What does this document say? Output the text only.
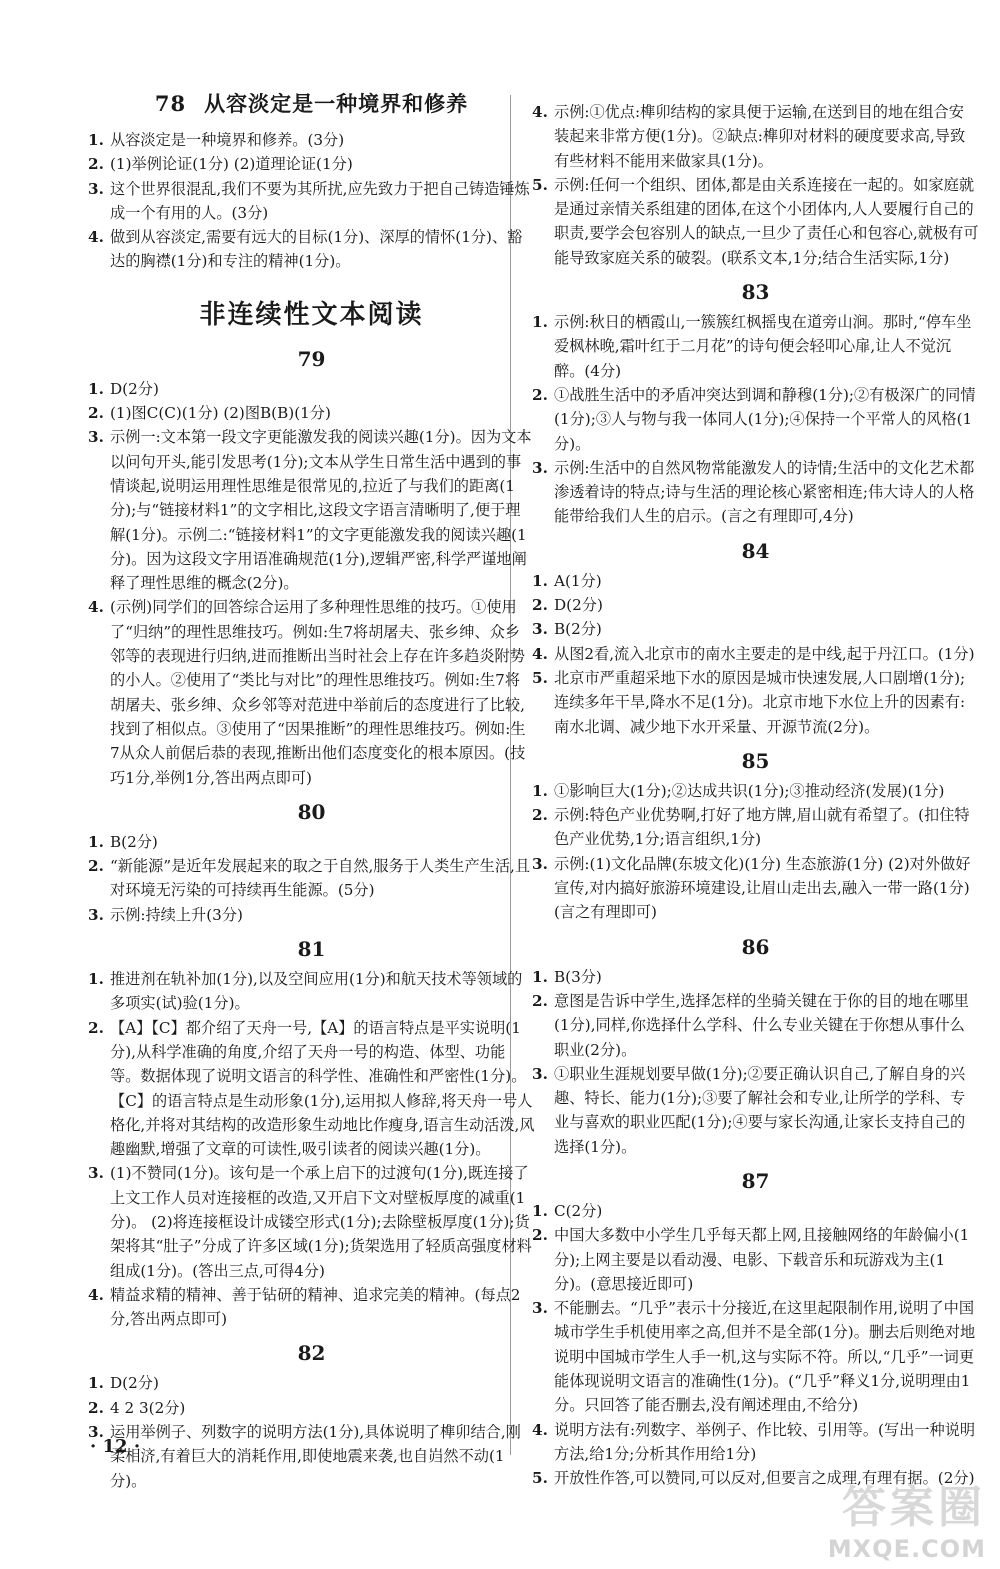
78 从容淡定是一种境界和修养
1. 从容淡定是一种境界和修养。(3分)
2. (1)举例论证(1分) (2)道理论证(1分)
3. 这个世界很混乱,我们不要为其所扰,应先致力于把自己铸造锤炼成一个有用的人。(3分)
4. 做到从容淡定,需要有远大的目标(1分)、深厚的情怀(1分)、豁达的胸襟(1分)和专注的精神(1分)。
非连续性文本阅读
79
1. D(2分)
2. (1)图C(C)(1分) (2)图B(B)(1分)
3. 示例一:文本第一段文字更能激发我的阅读兴趣(1分)。因为文本以问句开头,能引发思考(1分);文本从学生日常生活中遇到的事情谈起,说明运用理性思维是很常见的,拉近了与我们的距离(1分);与“链接材料1”的文字相比,这段文字语言清晰明了,便于理解(1分)。示例二:“链接材料1”的文字更能激发我的阅读兴趣(1分)。因为这段文字用语准确规范(1分),逻辑严密,科学严谨地阐释了理性思维的概念(2分)。
4. (示例)同学们的回答综合运用了多种理性思维的技巧。①使用了“归纳”的理性思维技巧。例如:生7将胡屠夫、张乡绅、众乡邻等的表现进行归纳,进而推断出当时社会上存在许多趋炎附势的小人。②使用了“类比与对比”的理性思维技巧。例如:生7将胡屠夫、张乡绅、众乡邻等对范进中举前后的态度进行了比较,找到了相似点。③使用了“因果推断”的理性思维技巧。例如:生7从众人前倨后恭的表现,推断出他们态度变化的根本原因。(技巧1分,举例1分,答出两点即可)
80
1. B(2分)
2. “新能源”是近年发展起来的取之于自然,服务于人类生产生活,且对环境无污染的可持续再生能源。(5分)
3. 示例:持续上升(3分)
81
1. 推进剂在轨补加(1分),以及空间应用(1分)和航天技术等领域的多项实(试)验(1分)。
2. 【A】【C】都介绍了天舟一号,【A】的语言特点是平实说明(1分),从科学准确的角度,介绍了天舟一号的构造、体型、功能等。数据体现了说明文语言的科学性、准确性和严密性(1分)。【C】的语言特点是生动形象(1分),运用拟人修辞,将天舟一号人格化,并将对其结构的改造形象生动地比作瘦身,语言生动活泼,风趣幽默,增强了文章的可读性,吸引读者的阅读兴趣(1分)。
3. (1)不赞同(1分)。该句是一个承上启下的过渡句(1分),既连接了上文工作人员对连接框的改造,又开启下文对壁板厚度的减重(1分)。 (2)将连接框设计成镂空形式(1分);去除壁板厚度(1分);货架将其“肚子”分成了许多区域(1分);货架选用了轻质高强度材料组成(1分)。(答出三点,可得4分)
4. 精益求精的精神、善于钻研的精神、追求完美的精神。(每点2分,答出两点即可)
82
1. D(2分)
2. 4 2 3(2分)
3. 运用举例子、列数字的说明方法(1分),具体说明了榫卯结合,刚柔相济,有着巨大的消耗作用,即使地震来袭,也自岿然不动(1分)。
4. 示例:①优点:榫卯结构的家具便于运输,在送到目的地在组合安装起来非常方便(1分)。②缺点:榫卯对材料的硬度要求高,导致有些材料不能用来做家具(1分)。
5. 示例:任何一个组织、团体,都是由关系连接在一起的。如家庭就是通过亲情关系组建的团体,在这个小团体内,人人要履行自己的职责,要学会包容别人的缺点,一旦少了责任心和包容心,就极有可能导致家庭关系的破裂。(联系文本,1分;结合生活实际,1分)
83
1. 示例:秋日的栖霞山,一簇簇红枫摇曳在道旁山涧。那时,“停车坐爱枫林晚,霜叶红于二月花”的诗句便会轻叩心扉,让人不觉沉醉。(4分)
2. ①战胜生活中的矛盾冲突达到调和静穆(1分);②有极深广的同情(1分);③人与物与我一体同人(1分);④保持一个平常人的风格(1分)。
3. 示例:生活中的自然风物常能激发人的诗情;生活中的文化艺术都渗透着诗的特点;诗与生活的理论核心紧密相连;伟大诗人的人格能带给我们人生的启示。(言之有理即可,4分)
84
1. A(1分)
2. D(2分)
3. B(2分)
4. 从图2看,流入北京市的南水主要走的是中线,起于丹江口。(1分)
5. 北京市严重超采地下水的原因是城市快速发展,人口剧增(1分);连续多年干旱,降水不足(1分)。北京市地下水位上升的因素有:南水北调、减少地下水开采量、开源节流(2分)。
85
1. ①影响巨大(1分);②达成共识(1分);③推动经济(发展)(1分)
2. 示例:特色产业优势啊,打好了地方牌,眉山就有希望了。(扣住特色产业优势,1分;语言组织,1分)
3. 示例:(1)文化品牌(东坡文化)(1分) 生态旅游(1分) (2)对外做好宣传,对内搞好旅游环境建设,让眉山走出去,融入一带一路(1分)(言之有理即可)
86
1. B(3分)
2. 意图是告诉中学生,选择怎样的坐骑关键在于你的目的地在哪里(1分),同样,你选择什么学科、什么专业关键在于你想从事什么职业(2分)。
3. ①职业生涯规划要早做(1分);②要正确认识自己,了解自身的兴趣、特长、能力(1分);③要了解社会和专业,让所学的学科、专业与喜欢的职业匹配(1分);④要与家长沟通,让家长支持自己的选择(1分)。
87
1. C(2分)
2. 中国大多数中小学生几乎每天都上网,且接触网络的年龄偏小(1分);上网主要是以看动漫、电影、下载音乐和玩游戏为主(1分)。(意思接近即可)
3. 不能删去。“几乎”表示十分接近,在这里起限制作用,说明了中国城市学生手机使用率之高,但并不是全部(1分)。删去后则绝对地说明中国城市学生人手一机,这与实际不符。所以,“几乎”一词更能体现说明文语言的准确性(1分)。(“几乎”释义1分,说明理由1分。只回答了能否删去,没有阐述理由,不给分)
4. 说明方法有:列数字、举例子、作比较、引用等。(写出一种说明方法,给1分;分析其作用给1分)
5. 开放性作答,可以赞同,可以反对,但要言之成理,有理有据。(2分)
· 12 ·
答案圈
MXQE.COM
